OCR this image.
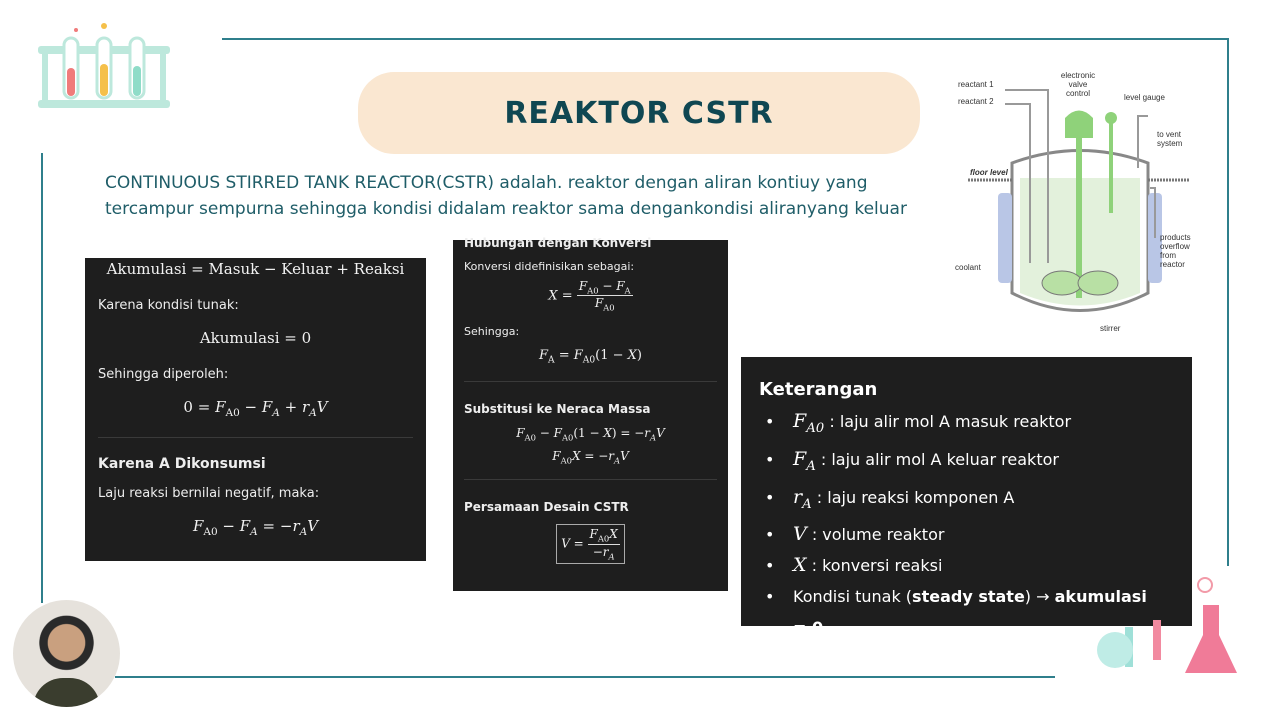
REAKTOR CSTR
CONTINUOUS STIRRED TANK REACTOR(CSTR) adalah. reaktor dengan aliran kontiuy yang tercampur sempurna sehingga kondisi didalam reaktor sama dengankondisi aliranyang keluar
reactant 1
reactant 2
electronic valve control	level gauge
to vent system
floor level
products overflow from reactor
coolant
stirrer
Akumulasi = Masuk − Keluar + Reaksi
Karena kondisi tunak:
Akumulasi = 0
Sehingga diperoleh:
$0 = F_{A0} - F_A + r_AV$
Karena A Dikonsumsi
Laju reaksi bernilai negatif, maka:
$F_{A0} - F_A = -r_AV$
Hubungan dengan Konversi
Konversi didefinisikan sebagai:
$X = \frac{F_{A0} - F_A}{F_{A0}}$
Sehingga:
$F_A = F_{A0}(1 - X)$
Substitusi ke Neraca Massa
$F_{A0} - F_{A0}(1 - X) = -r_AV$
$F_{A0}X = -r_AV$
Persamaan Desain CSTR
$V = \frac{F_{A0}X}{-r_A}$
Keterangan
• $F_{A0}$ : laju alir mol A masuk reaktor
• $F_A$ : laju alir mol A keluar reaktor
• $r_A$ : laju reaksi komponen A
• V : volume reaktor
• X : konversi reaksi
• Kondisi tunak (steady state) → akumulasi = 0
